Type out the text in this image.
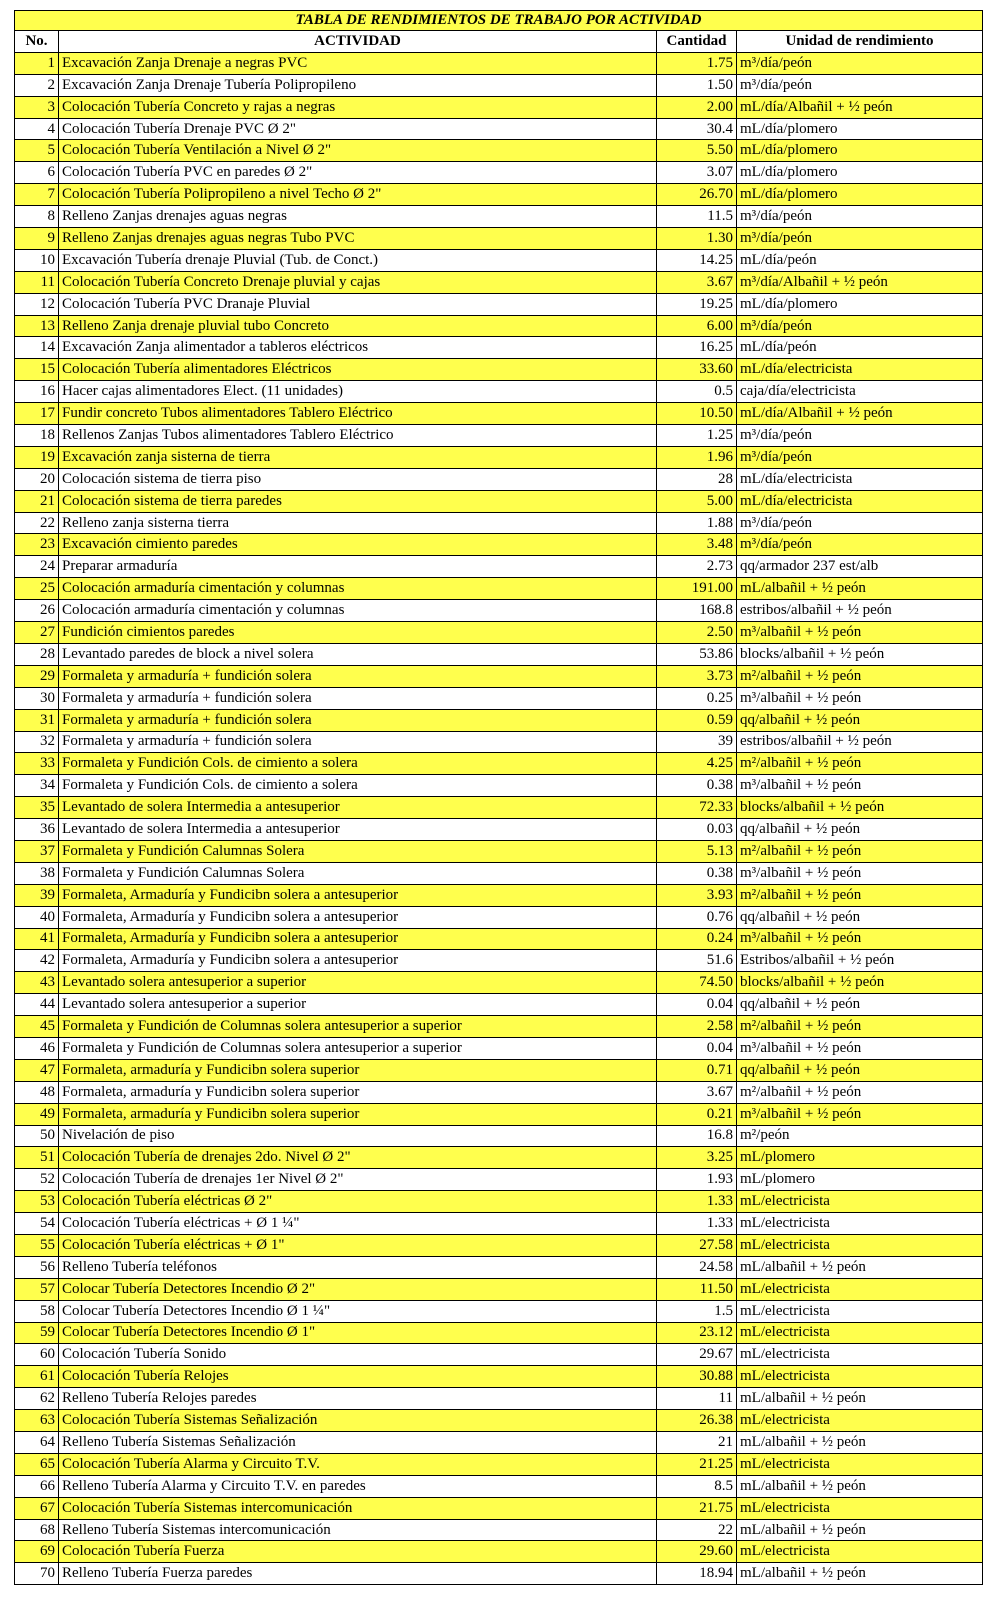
TABLA DE RENDIMIENTOS DE TRABAJO POR ACTIVIDAD			
No.	ACTIVIDAD	Cantidad	Unidad de rendimiento
1	Excavación Zanja Drenaje a negras PVC	1.75	m³/día/peón
2	Excavación Zanja Drenaje Tubería Polipropileno	1.50	m³/día/peón
3	Colocación Tubería Concreto y rajas a negras	2.00	mL/día/Albañil + ½ peón
4	Colocación Tubería Drenaje PVC Ø 2"	30.4	mL/día/plomero
5	Colocación Tubería Ventilación a Nivel Ø 2"	5.50	mL/día/plomero
6	Colocación Tubería PVC en paredes Ø 2"	3.07	mL/día/plomero
7	Colocación Tubería Polipropileno a nivel Techo Ø 2"	26.70	mL/día/plomero
8	Relleno Zanjas drenajes aguas negras	11.5	m³/día/peón
9	Relleno Zanjas drenajes aguas negras Tubo PVC	1.30	m³/día/peón
10	Excavación Tubería drenaje Pluvial (Tub. de Conct.)	14.25	mL/día/peón
11	Colocación Tubería Concreto Drenaje pluvial y cajas	3.67	m³/día/Albañil + ½ peón
12	Colocación Tubería PVC Dranaje Pluvial	19.25	mL/día/plomero
13	Relleno Zanja drenaje pluvial tubo Concreto	6.00	m³/día/peón
14	Excavación Zanja alimentador a tableros eléctricos	16.25	mL/día/peón
15	Colocación Tubería alimentadores Eléctricos	33.60	mL/día/electricista
16	Hacer cajas alimentadores Elect. (11 unidades)	0.5	caja/día/electricista
17	Fundir concreto Tubos alimentadores Tablero Eléctrico	10.50	mL/día/Albañil + ½ peón
18	Rellenos Zanjas Tubos alimentadores Tablero Eléctrico	1.25	m³/día/peón
19	Excavación zanja sisterna de tierra	1.96	m³/día/peón
20	Colocación sistema de tierra piso	28	mL/día/electricista
21	Colocación sistema de tierra paredes	5.00	mL/día/electricista
22	Relleno zanja sisterna tierra	1.88	m³/día/peón
23	Excavación cimiento paredes	3.48	m³/día/peón
24	Preparar armaduría	2.73	qq/armador 237 est/alb
25	Colocación armaduría cimentación y columnas	191.00	mL/albañil + ½ peón
26	Colocación armaduría cimentación y columnas	168.8	estribos/albañil + ½ peón
27	Fundición cimientos paredes	2.50	m³/albañil + ½ peón
28	Levantado paredes de block a nivel solera	53.86	blocks/albañil + ½ peón
29	Formaleta y armaduría + fundición solera	3.73	m²/albañil + ½ peón
30	Formaleta y armaduría + fundición solera	0.25	m³/albañil + ½ peón
31	Formaleta y armaduría + fundición solera	0.59	qq/albañil + ½ peón
32	Formaleta y armaduría + fundición solera	39	estribos/albañil + ½ peón
33	Formaleta y Fundición Cols. de cimiento a solera	4.25	m²/albañil + ½ peón
34	Formaleta y Fundición Cols. de cimiento a solera	0.38	m³/albañil + ½ peón
35	Levantado de solera Intermedia a antesuperior	72.33	blocks/albañil + ½ peón
36	Levantado de solera Intermedia a antesuperior	0.03	qq/albañil + ½ peón
37	Formaleta y Fundición Calumnas Solera	5.13	m²/albañil + ½ peón
38	Formaleta y Fundición Calumnas Solera	0.38	m³/albañil + ½ peón
39	Formaleta, Armaduría y Fundicibn solera a antesuperior	3.93	m²/albañil + ½ peón
40	Formaleta, Armaduría y Fundicibn solera a antesuperior	0.76	qq/albañil + ½ peón
41	Formaleta, Armaduría y Fundicibn solera a antesuperior	0.24	m³/albañil + ½ peón
42	Formaleta, Armaduría y Fundicibn solera a antesuperior	51.6	Estribos/albañil + ½ peón
43	Levantado solera antesuperior a superior	74.50	blocks/albañil + ½ peón
44	Levantado solera antesuperior a superior	0.04	qq/albañil + ½ peón
45	Formaleta y Fundición de Columnas solera antesuperior a superior	2.58	m²/albañil + ½ peón
46	Formaleta y Fundición de Columnas solera antesuperior a superior	0.04	m³/albañil + ½ peón
47	Formaleta, armaduría y Fundicibn solera superior	0.71	qq/albañil + ½ peón
48	Formaleta, armaduría y Fundicibn solera superior	3.67	m²/albañil + ½ peón
49	Formaleta, armaduría y Fundicibn solera superior	0.21	m³/albañil + ½ peón
50	Nivelación de piso	16.8	m²/peón
51	Colocación Tubería de drenajes 2do. Nivel Ø 2"	3.25	mL/plomero
52	Colocación Tubería de drenajes 1er Nivel Ø 2"	1.93	mL/plomero
53	Colocación Tubería eléctricas Ø 2"	1.33	mL/electricista
54	Colocación Tubería eléctricas + Ø 1 ¼"	1.33	mL/electricista
55	Colocación Tubería eléctricas + Ø 1"	27.58	mL/electricista
56	Relleno Tubería teléfonos	24.58	mL/albañil + ½ peón
57	Colocar Tubería Detectores Incendio Ø 2"	11.50	mL/electricista
58	Colocar Tubería Detectores Incendio Ø 1 ¼"	1.5	mL/electricista
59	Colocar Tubería Detectores Incendio Ø 1"	23.12	mL/electricista
60	Colocación Tubería Sonido	29.67	mL/electricista
61	Colocación Tubería Relojes	30.88	mL/electricista
62	Relleno Tubería Relojes paredes	11	mL/albañil + ½ peón
63	Colocación Tubería Sistemas Señalización	26.38	mL/electricista
64	Relleno Tubería Sistemas Señalización	21	mL/albañil + ½ peón
65	Colocación Tubería Alarma y Circuito T.V.	21.25	mL/electricista
66	Relleno Tubería Alarma y Circuito T.V. en paredes	8.5	mL/albañil + ½ peón
67	Colocación Tubería Sistemas intercomunicación	21.75	mL/electricista
68	Relleno Tubería Sistemas intercomunicación	22	mL/albañil + ½ peón
69	Colocación Tubería Fuerza	29.60	mL/electricista
70	Relleno Tubería Fuerza paredes	18.94	mL/albañil + ½ peón
